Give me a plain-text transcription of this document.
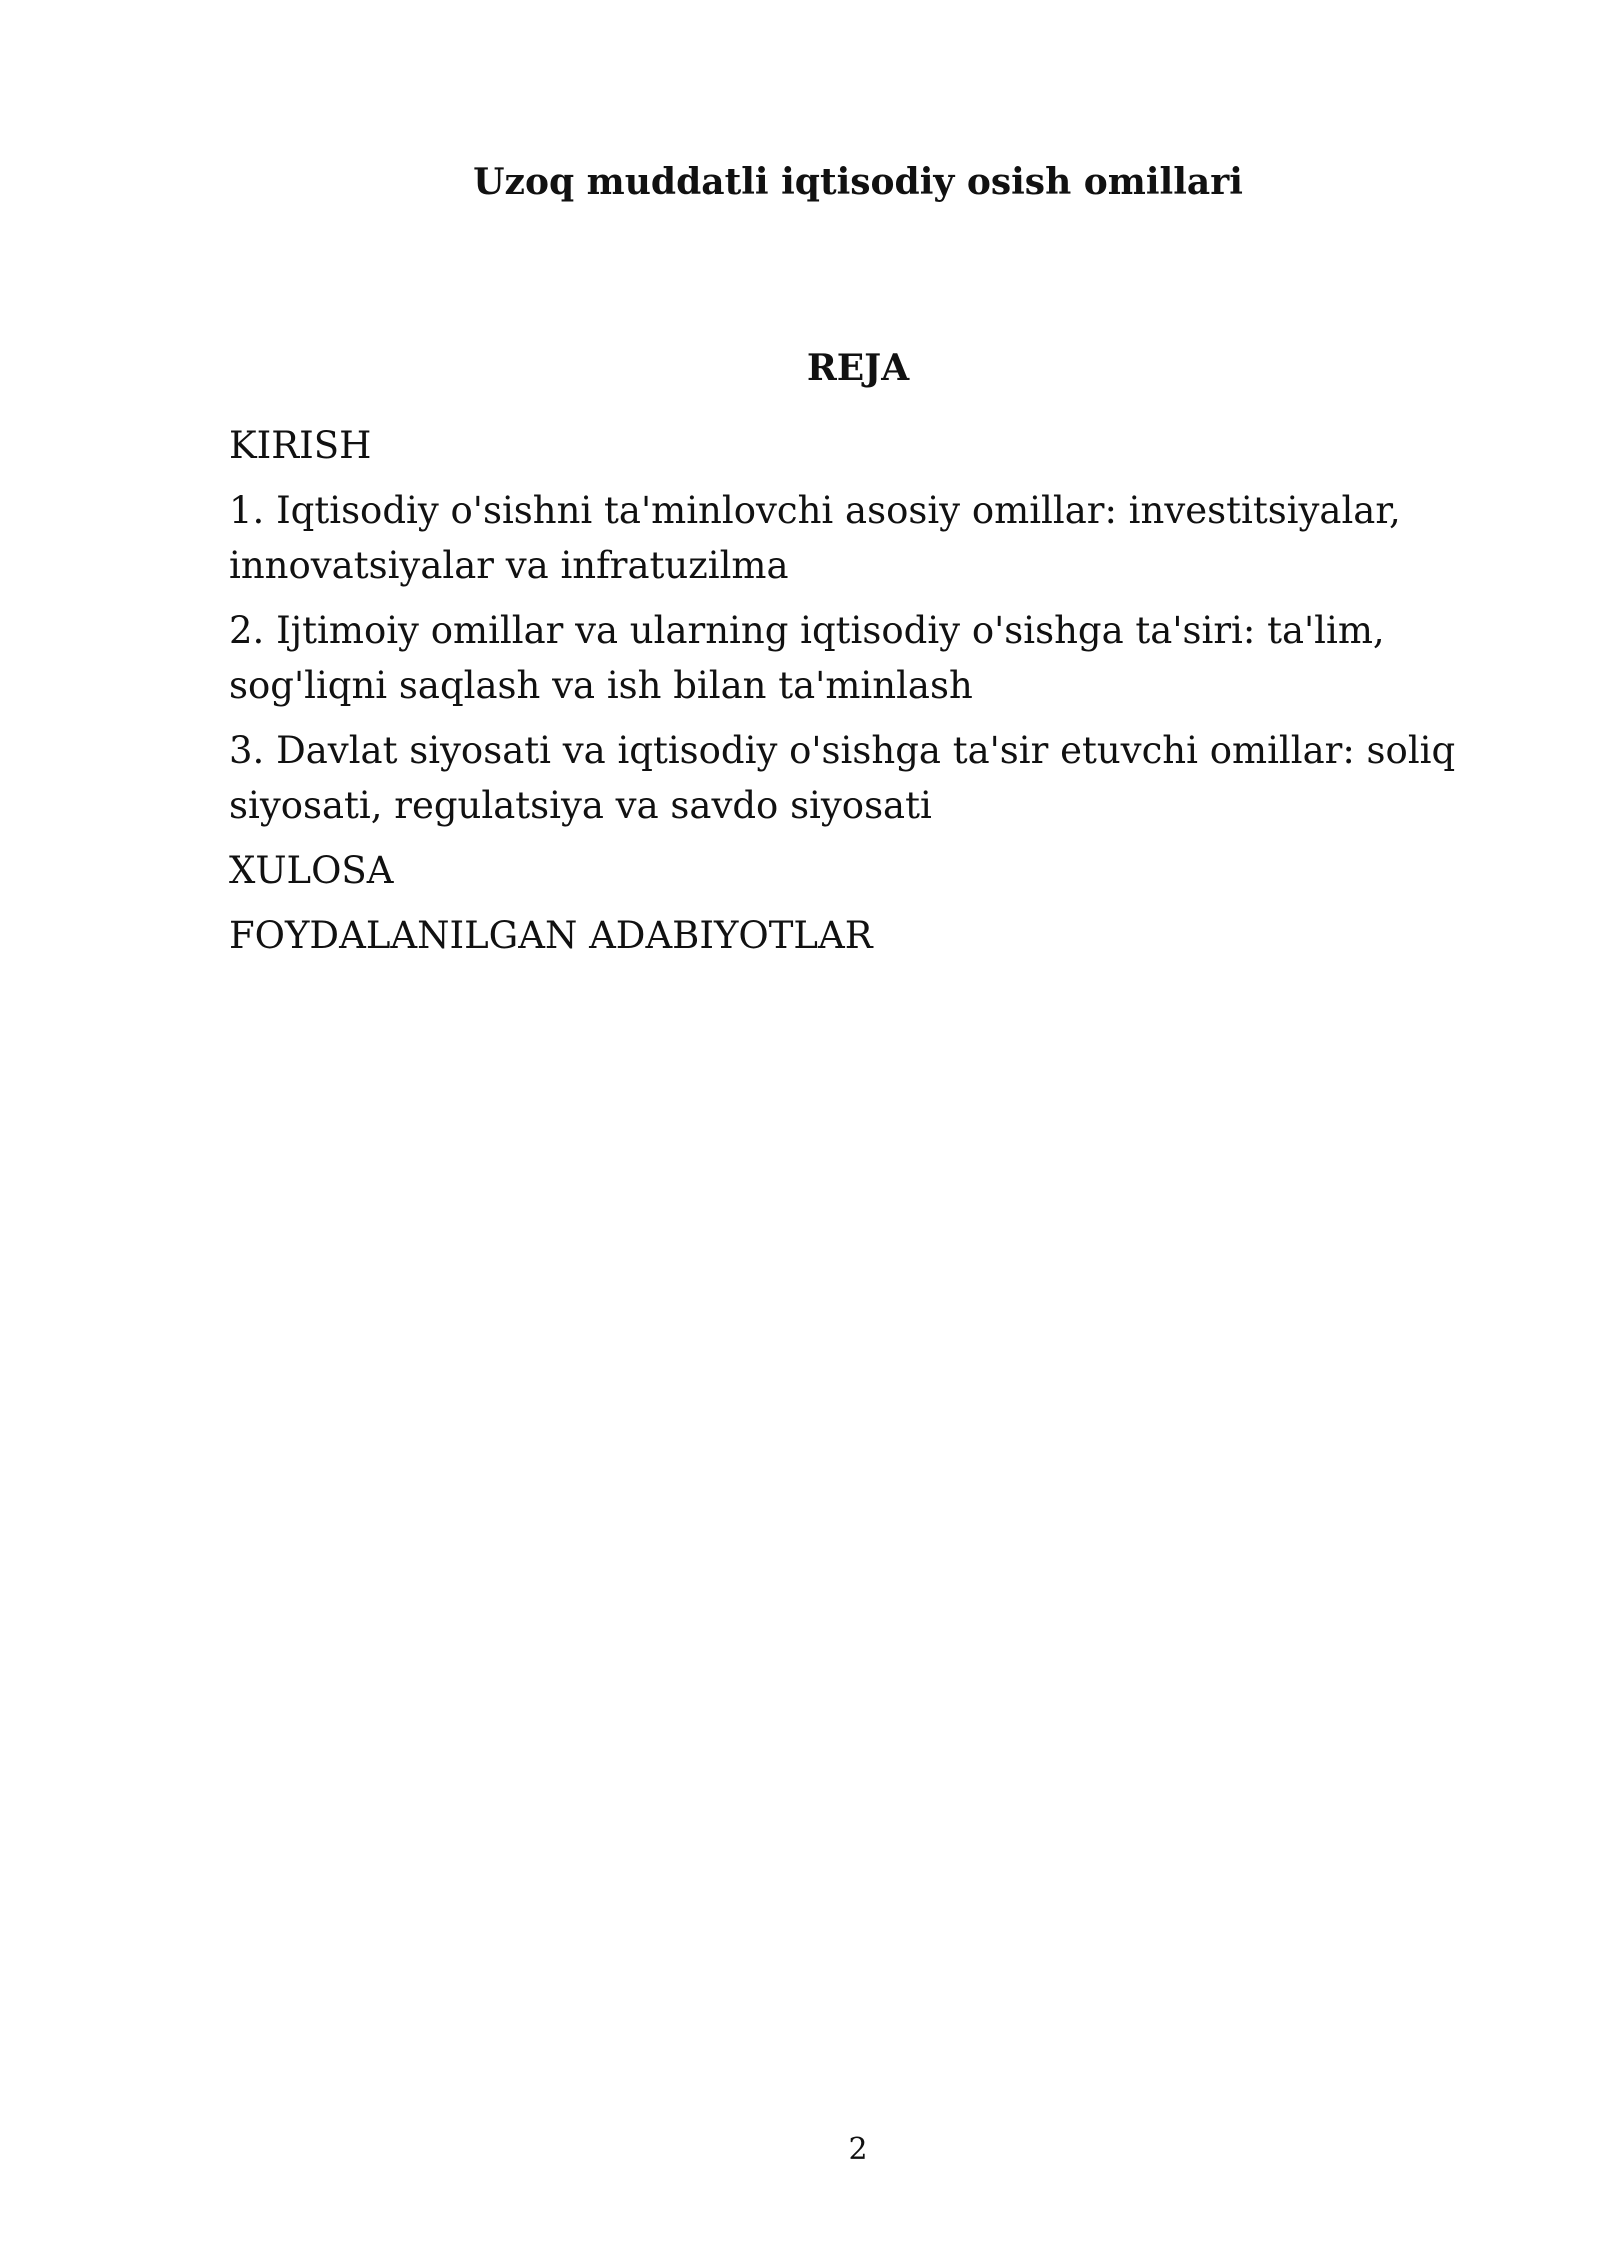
Uzoq muddatli iqtisodiy osish omillari
REJA
KIRISH
1. Iqtisodiy o'sishni ta'minlovchi asosiy omillar: investitsiyalar, innovatsiyalar va infratuzilma
2. Ijtimoiy omillar va ularning iqtisodiy o'sishga ta'siri: ta'lim, sog'liqni saqlash va ish bilan ta'minlash
3. Davlat siyosati va iqtisodiy o'sishga ta'sir etuvchi omillar: soliq siyosati, regulatsiya va savdo siyosati
XULOSA
FOYDALANILGAN ADABIYOTLAR
2
